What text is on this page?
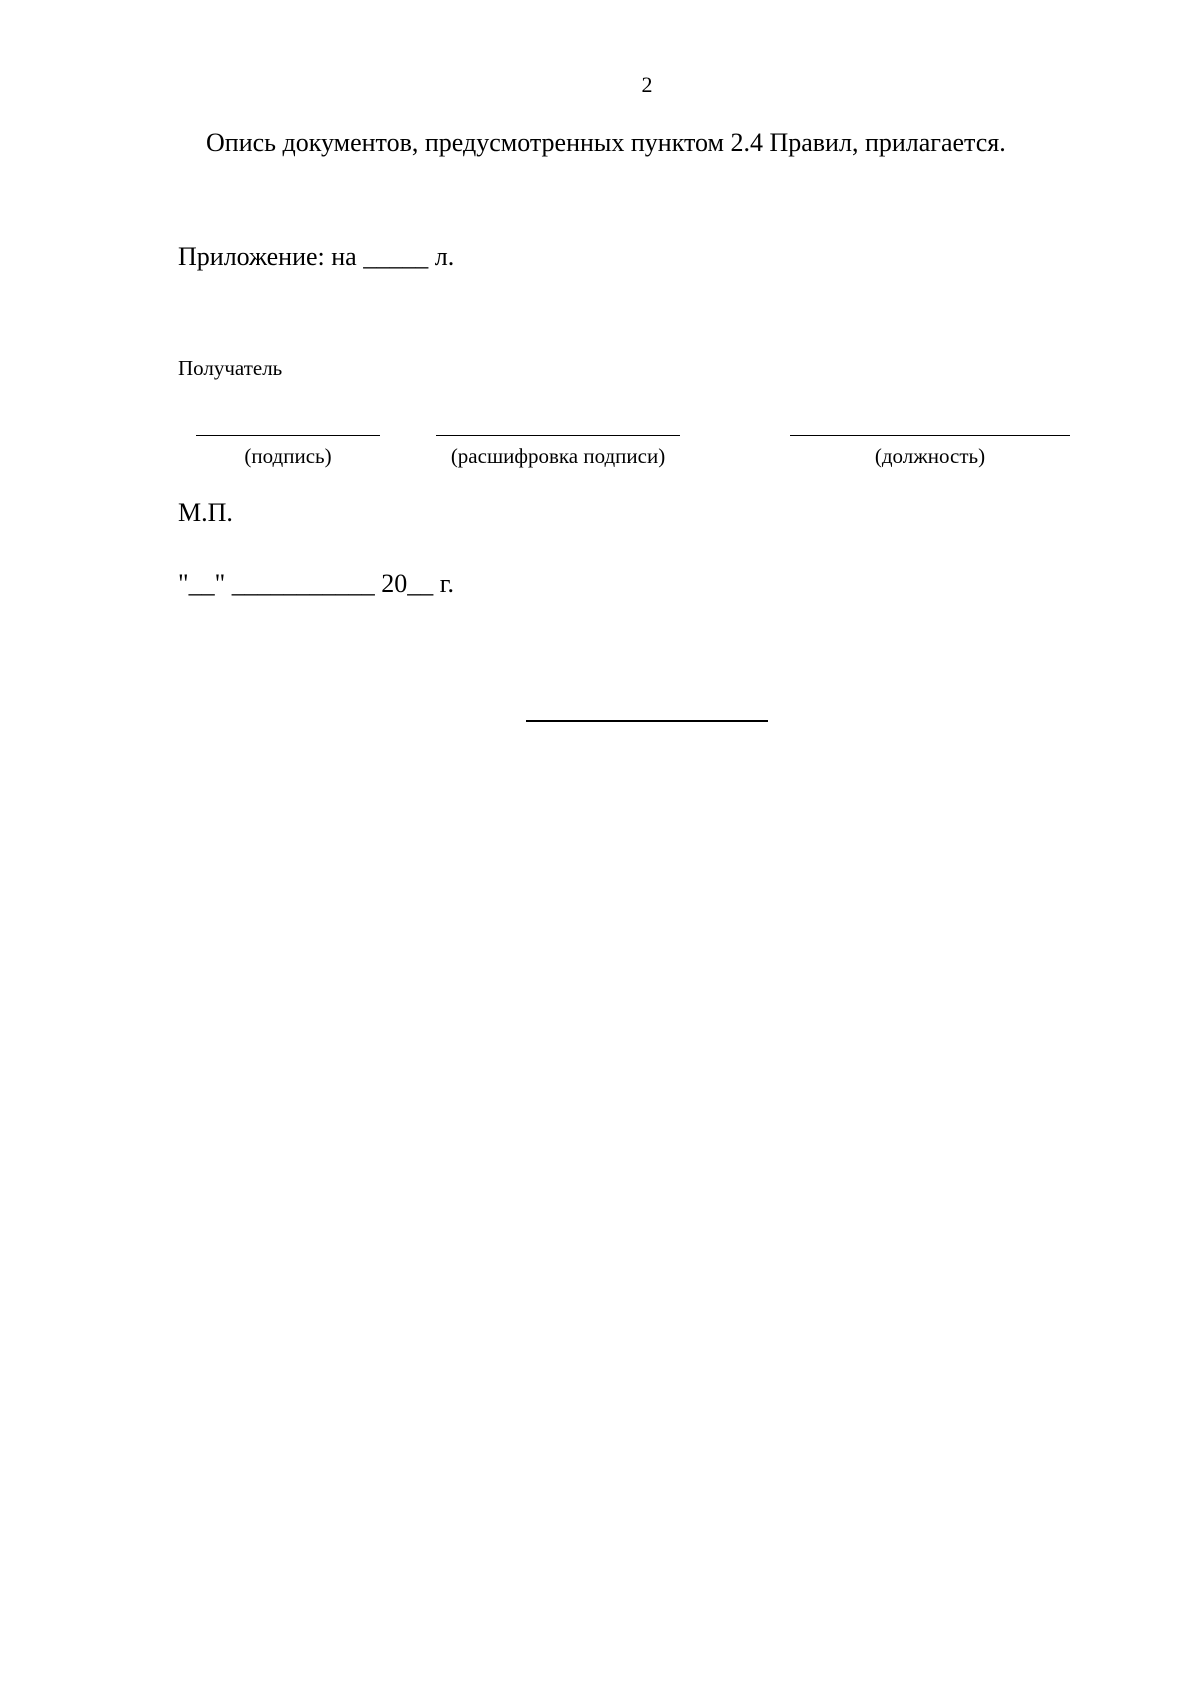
2
Опись документов, предусмотренных пунктом 2.4 Правил, прилагается.
Приложение: на _____ л.
Получатель
(подпись)	(расшифровка подписи)	(должность)
М.П.
"__" ___________ 20__ г.
